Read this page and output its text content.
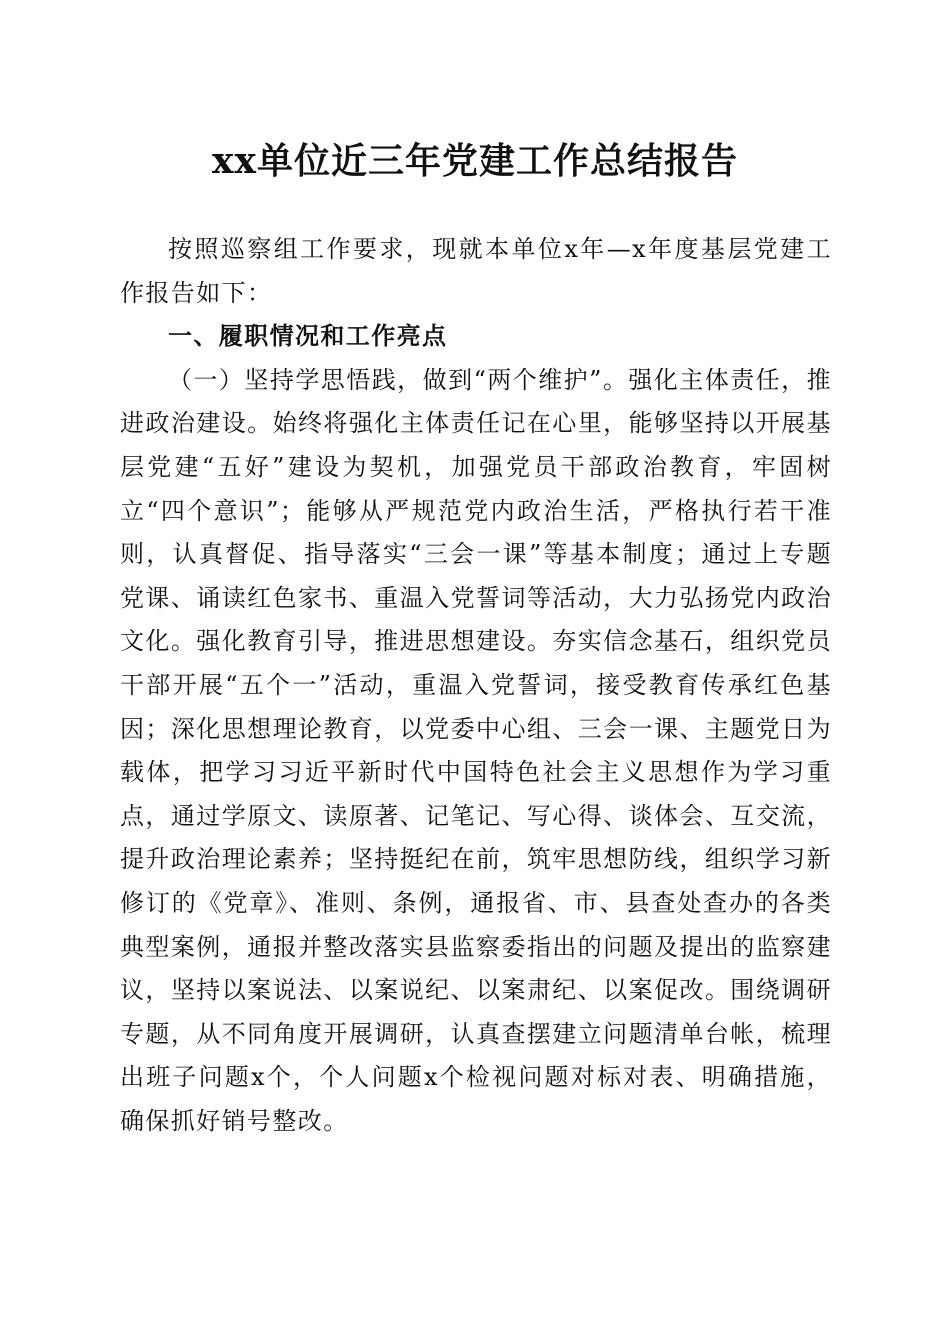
xx单位近三年党建工作总结报告

按照巡察组工作要求，现就本单位x年—x年度基层党建工作报告如下：

一、履职情况和工作亮点

（一）坚持学思悟践，做到“两个维护”。强化主体责任，推进政治建设。始终将强化主体责任记在心里，能够坚持以开展基层党建“五好”建设为契机，加强党员干部政治教育，牢固树立“四个意识”；能够从严规范党内政治生活，严格执行若干准则，认真督促、指导落实“三会一课”等基本制度；通过上专题党课、诵读红色家书、重温入党誓词等活动，大力弘扬党内政治文化。强化教育引导，推进思想建设。夯实信念基石，组织党员干部开展“五个一”活动，重温入党誓词，接受教育传承红色基因；深化思想理论教育，以党委中心组、三会一课、主题党日为载体，把学习习近平新时代中国特色社会主义思想作为学习重点，通过学原文、读原著、记笔记、写心得、谈体会、互交流，提升政治理论素养；坚持挺纪在前，筑牢思想防线，组织学习新修订的《党章》、准则、条例，通报省、市、县查处查办的各类典型案例，通报并整改落实县监察委指出的问题及提出的监察建议，坚持以案说法、以案说纪、以案肃纪、以案促改。围绕调研专题，从不同角度开展调研，认真查摆建立问题清单台帐，梳理出班子问题x个，个人问题x个检视问题对标对表、明确措施，确保抓好销号整改。
